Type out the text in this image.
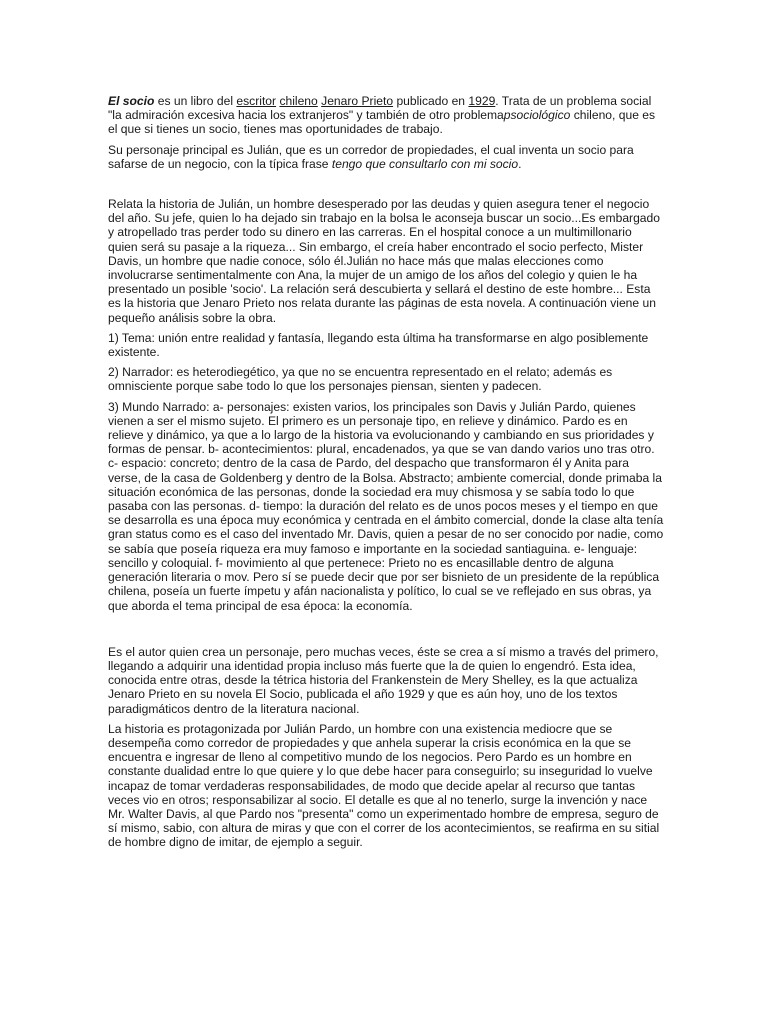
El socio es un libro del escritor chileno Jenaro Prieto publicado en 1929. Trata de un problema social "la admiración excesiva hacia los extranjeros" y también de otro problemapsociológico chileno, que es el que si tienes un socio, tienes mas oportunidades de trabajo.

Su personaje principal es Julián, que es un corredor de propiedades, el cual inventa un socio para safarse de un negocio, con la típica frase tengo que consultarlo con mi socio.

Relata la historia de Julián, un hombre desesperado por las deudas y quien asegura tener el negocio del año. Su jefe, quien lo ha dejado sin trabajo en la bolsa le aconseja buscar un socio...Es embargado y atropellado tras perder todo su dinero en las carreras. En el hospital conoce a un multimillonario quien será su pasaje a la riqueza... Sin embargo, el creía haber encontrado el socio perfecto, Mister Davis, un hombre que nadie conoce, sólo él.Julián no hace más que malas elecciones como involucrarse sentimentalmente con Ana, la mujer de un amigo de los años del colegio y quien le ha presentado un posible 'socio'. La relación será descubierta y sellará el destino de este hombre... Esta es la historia que Jenaro Prieto nos relata durante las páginas de esta novela. A continuación viene un pequeño análisis sobre la obra.

1) Tema: unión entre realidad y fantasía, llegando esta última ha transformarse en algo posiblemente existente.

2) Narrador: es heterodiegético, ya que no se encuentra representado en el relato; además es omnisciente porque sabe todo lo que los personajes piensan, sienten y padecen.

3) Mundo Narrado: a- personajes: existen varios, los principales son Davis y Julián Pardo, quienes vienen a ser el mismo sujeto. El primero es un personaje tipo, en relieve y dinámico. Pardo es en relieve y dinámico, ya que a lo largo de la historia va evolucionando y cambiando en sus prioridades y formas de pensar. b- acontecimientos: plural, encadenados, ya que se van dando varios uno tras otro. c- espacio: concreto; dentro de la casa de Pardo, del despacho que transformaron él y Anita para verse, de la casa de Goldenberg y dentro de la Bolsa. Abstracto; ambiente comercial, donde primaba la situación económica de las personas, donde la sociedad era muy chismosa y se sabía todo lo que pasaba con las personas. d- tiempo: la duración del relato es de unos pocos meses y el tiempo en que se desarrolla es una época muy económica y centrada en el ámbito comercial, donde la clase alta tenía gran status como es el caso del inventado Mr. Davis, quien a pesar de no ser conocido por nadie, como se sabía que poseía riqueza era muy famoso e importante en la sociedad santiaguina. e- lenguaje: sencillo y coloquial. f- movimiento al que pertenece: Prieto no es encasillable dentro de alguna generación literaria o mov. Pero sí se puede decir que por ser bisnieto de un presidente de la república chilena, poseía un fuerte ímpetu y afán nacionalista y político, lo cual se ve reflejado en sus obras, ya que aborda el tema principal de esa época: la economía.

Es el autor quien crea un personaje, pero muchas veces, éste se crea a sí mismo a través del primero, llegando a adquirir una identidad propia incluso más fuerte que la de quien lo engendró. Esta idea, conocida entre otras, desde la tétrica historia del Frankenstein de Mery Shelley, es la que actualiza Jenaro Prieto en su novela El Socio, publicada el año 1929 y que es aún hoy, uno de los textos paradigmáticos dentro de la literatura nacional.

La historia es protagonizada por Julián Pardo, un hombre con una existencia mediocre que se desempeña como corredor de propiedades y que anhela superar la crisis económica en la que se encuentra e ingresar de lleno al competitivo mundo de los negocios. Pero Pardo es un hombre en constante dualidad entre lo que quiere y lo que debe hacer para conseguirlo; su inseguridad lo vuelve incapaz de tomar verdaderas responsabilidades, de modo que decide apelar al recurso que tantas veces vio en otros; responsabilizar al socio. El detalle es que al no tenerlo, surge la invención y nace Mr. Walter Davis, al que Pardo nos "presenta" como un experimentado hombre de empresa, seguro de sí mismo, sabio, con altura de miras y que con el correr de los acontecimientos, se reafirma en su sitial de hombre digno de imitar, de ejemplo a seguir.
